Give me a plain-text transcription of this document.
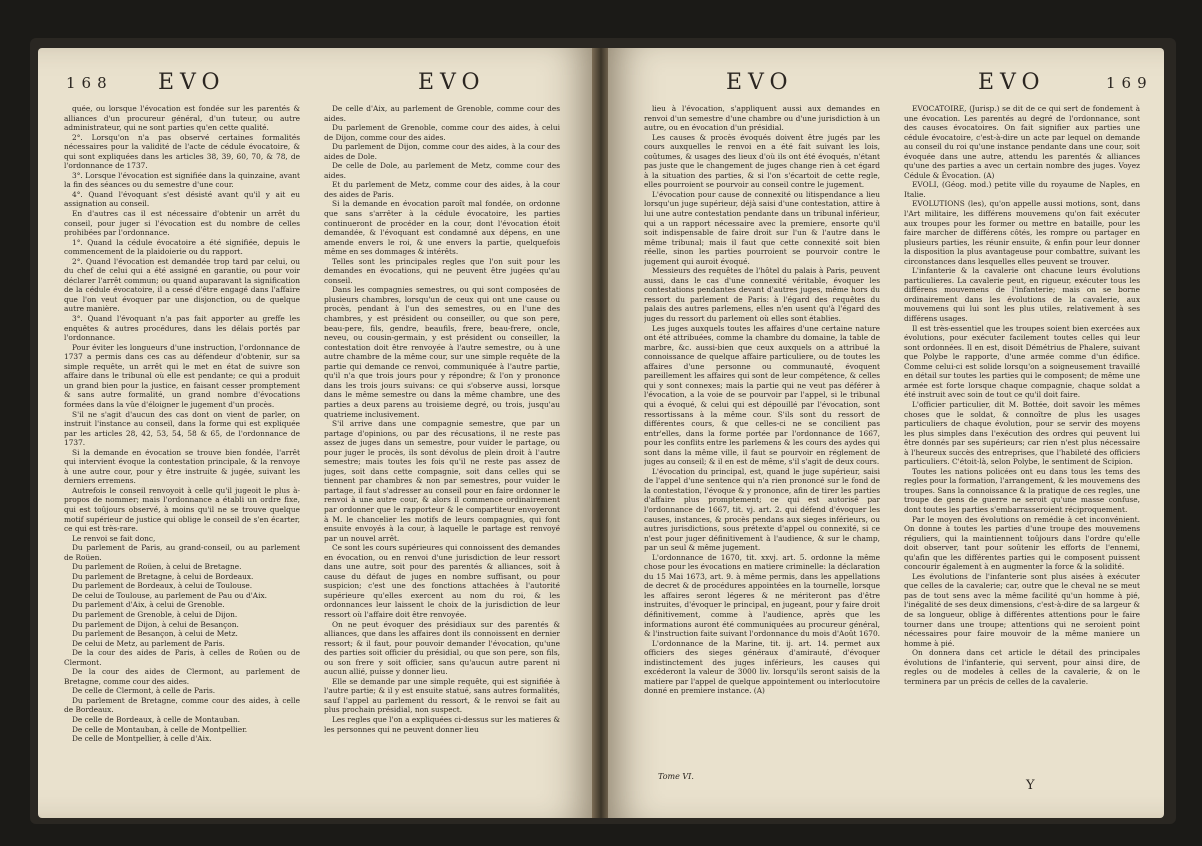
168 EVO	EVO

quée, ou lorsque l'évocation est fondée sur les parentés & alliances d'un procureur général, d'un tuteur, ou autre administrateur, qui ne sont parties qu'en cette qualité.

2°. Lorsqu'on n'a pas observé certaines formalités nécessaires pour la validité de l'acte de cédule évocatoire, & qui sont expliquées dans les articles 38, 39, 60, 70, & 78, de l'ordonnance de 1737.

3°. Lorsque l'évocation est signifiée dans la quinzaine, avant la fin des séances ou du semestre d'une cour.

4°. Quand l'évoquant s'est désisté avant qu'il y ait eu assignation au conseil.

En d'autres cas il est nécessaire d'obtenir un arrêt du conseil, pour juger si l'évocation est du nombre de celles prohibées par l'ordonnance.

1°. Quand la cédule évocatoire a été signifiée, depuis le commencement de la plaidoierie ou du rapport.

2°. Quand l'évocation est demandée trop tard par celui, ou du chef de celui qui a été assigné en garantie, ou pour voir déclarer l'arrêt commun; ou quand auparavant la signification de la cédule évocatoire, il a cessé d'être engagé dans l'affaire que l'on veut évoquer par une disjonction, ou de quelque autre manière.

3°. Quand l'évoquant n'a pas fait apporter au greffe les enquêtes & autres procédures, dans les délais portés par l'ordonnance.

Pour éviter les longueurs d'une instruction, l'ordonnance de 1737 a permis dans ces cas au défendeur d'obtenir, sur sa simple requête, un arrêt qui le met en état de suivre son affaire dans le tribunal où elle est pendante; ce qui a produit un grand bien pour la justice, en faisant cesser promptement & sans autre formalité, un grand nombre d'évocations formées dans la vûe d'éloigner le jugement d'un procès.

S'il ne s'agit d'aucun des cas dont on vient de parler, on instruit l'instance au conseil, dans la forme qui est expliquée par les articles 28, 42, 53, 54, 58 & 65, de l'ordonnance de 1737.

Si la demande en évocation se trouve bien fondée, l'arrêt qui intervient évoque la contestation principale, & la renvoye à une autre cour, pour y être instruite & jugée, suivant les derniers erremens.

Autrefois le conseil renvoyoit à celle qu'il jugeoit le plus à-propos de nommer; mais l'ordonnance a établi un ordre fixe, qui est toûjours observé, à moins qu'il ne se trouve quelque motif supérieur de justice qui oblige le conseil de s'en écarter, ce qui est très-rare.

Le renvoi se fait donc,

Du parlement de Paris, au grand-conseil, ou au parlement de Roüen.

Du parlement de Roüen, à celui de Bretagne.

Du parlement de Bretagne, à celui de Bordeaux.

Du parlement de Bordeaux, à celui de Toulouse.

De celui de Toulouse, au parlement de Pau ou d'Aix.

Du parlement d'Aix, à celui de Grenoble.

Du parlement de Grenoble, à celui de Dijon.

Du parlement de Dijon, à celui de Besançon.

Du parlement de Besançon, à celui de Metz.

De celui de Metz, au parlement de Paris.

De la cour des aides de Paris, à celles de Roüen ou de Clermont.

De la cour des aides de Clermont, au parlement de Bretagne, comme cour des aides.

De celle de Clermont, à celle de Paris.

Du parlement de Bretagne, comme cour des aides, à celle de Bordeaux.

De celle de Bordeaux, à celle de Montauban.

De celle de Montauban, à celle de Montpellier.

De celle de Montpellier, à celle d'Aix.

De celle d'Aix, au parlement de Grenoble, comme cour des aides.

Du parlement de Grenoble, comme cour des aides, à celui de Dijon, comme cour des aides.

Du parlement de Dijon, comme cour des aides, à la cour des aides de Dole.

De celle de Dole, au parlement de Metz, comme cour des aides.

Et du parlement de Metz, comme cour des aides, à la cour des aides de Paris.

Si la demande en évocation paroît mal fondée, on ordonne que sans s'arrêter à la cédule évocatoire, les parties continueront de procéder en la cour, dont l'évocation étoit demandée, & l'évoquant est condamné aux dépens, en une amende envers le roi, & une envers la partie, quelquefois même en ses dommages & intérêts.

Telles sont les principales regles que l'on suit pour les demandes en évocations, qui ne peuvent être jugées qu'au conseil.

Dans les compagnies semestres, ou qui sont composées de plusieurs chambres, lorsqu'un de ceux qui ont une cause ou procès, pendant à l'un des semestres, ou en l'une des chambres, y est président ou conseiller, ou que son pere, beau-pere, fils, gendre, beaufils, frere, beau-frere, oncle, neveu, ou cousin-germain, y est président ou conseiller, la contestation doit être renvoyée à l'autre semestre, ou à une autre chambre de la même cour, sur une simple requête de la partie qui demande ce renvoi, communiquée à l'autre partie, qu'il n'a que trois jours pour y répondre; & l'on y prononce dans les trois jours suivans: ce qui s'observe aussi, lorsque dans le même semestre ou dans la même chambre, une des parties a deux parens au troisieme degré, ou trois, jusqu'au quatrieme inclusivement.

S'il arrive dans une compagnie semestre, que par un partage d'opinions, ou par des récusations, il ne reste pas assez de juges dans un semestre, pour vuider le partage, ou pour juger le procès, ils sont dévolus de plein droit à l'autre semestre; mais toutes les fois qu'il ne reste pas assez de juges, soit dans cette compagnie, soit dans celles qui se tiennent par chambres & non par semestres, pour vuider le partage, il faut s'adresser au conseil pour en faire ordonner le renvoi à une autre cour, & alors il commence ordinairement par ordonner que le rapporteur & le compartiteur envoyeront à M. le chancelier les motifs de leurs compagnies, qui font ensuite envoyés à la cour, à laquelle le partage est renvoyé par un nouvel arrêt.

Ce sont les cours supérieures qui connoissent des demandes en évocation, ou en renvoi d'une jurisdiction de leur ressort dans une autre, soit pour des parentés & alliances, soit à cause du défaut de juges en nombre suffisant, ou pour suspicion; c'est une des fonctions attachées à l'autorité supérieure qu'elles exercent au nom du roi, & les ordonnances leur laissent le choix de la jurisdiction de leur ressort où l'affaire doit être renvoyée.

On ne peut évoquer des présidiaux sur des parentés & alliances, que dans les affaires dont ils connoissent en dernier ressort; & il faut, pour pouvoir demander l'évocation, qu'une des parties soit officier du présidial, ou que son pere, son fils, ou son frere y soit officier, sans qu'aucun autre parent ni aucun allié, puisse y donner lieu.

Elle se demande par une simple requête, qui est signifiée à l'autre partie; & il y est ensuite statué, sans autres formalités, sauf l'appel au parlement du ressort, & le renvoi se fait au plus prochain présidial, non suspect.

Les regles que l'on a expliquées ci-dessus sur les matieres & les personnes qui ne peuvent donner lieu

EVO	EVO	169

lieu à l'évocation, s'appliquent aussi aux demandes en renvoi d'un semestre d'une chambre ou d'une jurisdiction à un autre, ou en évocation d'un présidial.

Les causes & procès évoqués doivent être jugés par les cours auxquelles le renvoi en a été fait suivant les lois, coûtumes, & usages des lieux d'où ils ont été évoqués, n'étant pas juste que le changement de juges change rien à cet égard à la situation des parties, & si l'on s'écartoit de cette regle, elles pourroient se pourvoir au conseil contre le jugement.

L'évocation pour cause de connexité ou litispendance a lieu lorsqu'un juge supérieur, déjà saisi d'une contestation, attire à lui une autre contestation pendante dans un tribunal inférieur, qui a un rapport nécessaire avec la premiere, ensorte qu'il soit indispensable de faire droit sur l'un & l'autre dans le même tribunal; mais il faut que cette connexité soit bien réelle, sinon les parties pourroient se pourvoir contre le jugement qui auroit évoqué.

Messieurs des requêtes de l'hôtel du palais à Paris, peuvent aussi, dans le cas d'une connexité véritable, évoquer les contestations pendantes devant d'autres juges, même hors du ressort du parlement de Paris: à l'égard des requêtes du palais des autres parlemens, elles n'en usent qu'à l'égard des juges du ressort du parlement où elles sont établies.

Les juges auxquels toutes les affaires d'une certaine nature ont été attribuées, comme la chambre du domaine, la table de marbre, &c. aussi-bien que ceux auxquels on a attribué la connoissance de quelque affaire particuliere, ou de toutes les affaires d'une personne ou communauté, évoquent pareillement les affaires qui sont de leur compétence, & celles qui y sont connexes; mais la partie qui ne veut pas déférer à l'évocation, a la voie de se pourvoir par l'appel, si le tribunal qui a évoqué, & celui qui est dépouillé par l'évocation, sont ressortissans à la même cour. S'ils sont du ressort de différentes cours, & que celles-ci ne se concilient pas entr'elles, dans la forme portée par l'ordonnance de 1667, pour les conflits entre les parlemens & les cours des aydes qui sont dans la même ville, il faut se pourvoir en réglement de juges au conseil; & il en est de même, s'il s'agit de deux cours.

L'évocation du principal, est, quand le juge supérieur, saisi de l'appel d'une sentence qui n'a rien prononcé sur le fond de la contestation, l'évoque & y prononce, afin de tirer les parties d'affaire plus promptement; ce qui est autorisé par l'ordonnance de 1667, tit. vj. art. 2. qui défend d'évoquer les causes, instances, & procès pendans aux sieges inférieurs, ou autres jurisdictions, sous prétexte d'appel ou connexité, si ce n'est pour juger définitivement à l'audience, & sur le champ, par un seul & même jugement.

L'ordonnance de 1670, tit. xxvj. art. 5. ordonne la même chose pour les évocations en matiere criminelle: la déclaration du 15 Mai 1673, art. 9. à même permis, dans les appellations de decret & de procédures appointées en la tournelle, lorsque les affaires seront légeres & ne mériteront pas d'être instruites, d'évoquer le principal, en jugeant, pour y faire droit définitivement, comme à l'audience, après que les informations auront été communiquées au procureur général, & l'instruction faite suivant l'ordonnance du mois d'Août 1670.

L'ordonnance de la Marine, tit. ij. art. 14. permet aux officiers des sieges généraux d'amirauté, d'évoquer indistinctement des juges inférieurs, les causes qui excéderont la valeur de 3000 liv. lorsqu'ils seront saisis de la matiere par l'appel de quelque appointement ou interlocutoire donné en premiere instance. (A)

EVOCATOIRE, (Jurisp.) se dit de ce qui sert de fondement à une évocation. Les parentés au degré de l'ordonnance, sont des causes évocatoires. On fait signifier aux parties une cédule évocatoire, c'est-à-dire un acte par lequel on demande au conseil du roi qu'une instance pendante dans une cour, soit évoquée dans une autre, attendu les parentés & alliances qu'une des parties a avec un certain nombre des juges. Voyez Cédule & Évocation. (A)

EVOLI, (Géog. mod.) petite ville du royaume de Naples, en Italie.

EVOLUTIONS (les), qu'on appelle aussi motions, sont, dans l'Art militaire, les différens mouvemens qu'on fait exécuter aux troupes pour les former ou mettre en bataille, pour les faire marcher de différens côtés, les rompre ou partager en plusieurs parties, les réunir ensuite, & enfin pour leur donner la disposition la plus avantageuse pour combattre, suivant les circonstances dans lesquelles elles peuvent se trouver.

L'infanterie & la cavalerie ont chacune leurs évolutions particulieres. La cavalerie peut, en rigueur, exécuter tous les différens mouvemens de l'infanterie; mais on se borne ordinairement dans les évolutions de la cavalerie, aux mouvemens qui lui sont les plus utiles, relativement à ses différens usages.

Il est très-essentiel que les troupes soient bien exercées aux évolutions, pour exécuter facilement toutes celles qui leur sont ordonnées. Il en est, disoit Démétrius de Phalere, suivant que Polybe le rapporte, d'une armée comme d'un édifice. Comme celui-ci est solide lorsqu'on a soigneusement travaillé en détail sur toutes les parties qui le composent; de même une armée est forte lorsque chaque compagnie, chaque soldat a été instruit avec soin de tout ce qu'il doit faire.

L'officier particulier, dit M. Bottée, doit savoir les mêmes choses que le soldat, & connoître de plus les usages particuliers de chaque évolution, pour se servir des moyens les plus simples dans l'exécution des ordres qui peuvent lui être donnés par ses supérieurs; car rien n'est plus nécessaire à l'heureux succès des entreprises, que l'habileté des officiers particuliers. C'étoit-là, selon Polybe, le sentiment de Scipion.

Toutes les nations policées ont eu dans tous les tems des regles pour la formation, l'arrangement, & les mouvemens des troupes. Sans la connoissance & la pratique de ces regles, une troupe de gens de guerre ne seroit qu'une masse confuse, dont toutes les parties s'embarrasseroient réciproquement.

Par le moyen des évolutions on remédie à cet inconvénient. On donne à toutes les parties d'une troupe des mouvemens réguliers, qui la maintiennent toûjours dans l'ordre qu'elle doit observer, tant pour soûtenir les efforts de l'ennemi, qu'afin que les différentes parties qui le composent puissent concourir également à en augmenter la force & la solidité.

Les évolutions de l'infanterie sont plus aisées à exécuter que celles de la cavalerie; car, outre que le cheval ne se meut pas de tout sens avec la même facilité qu'un homme à pié, l'inégalité de ses deux dimensions, c'est-à-dire de sa largeur & de sa longueur, oblige à différentes attentions pour le faire tourner dans une troupe; attentions qui ne seroient point nécessaires pour faire mouvoir de la même maniere un homme à pié.

On donnera dans cet article le détail des principales évolutions de l'infanterie, qui servent, pour ainsi dire, de regles ou de modeles à celles de la cavalerie, & on le terminera par un précis de celles de la cavalerie.

Tome VI.
Y
